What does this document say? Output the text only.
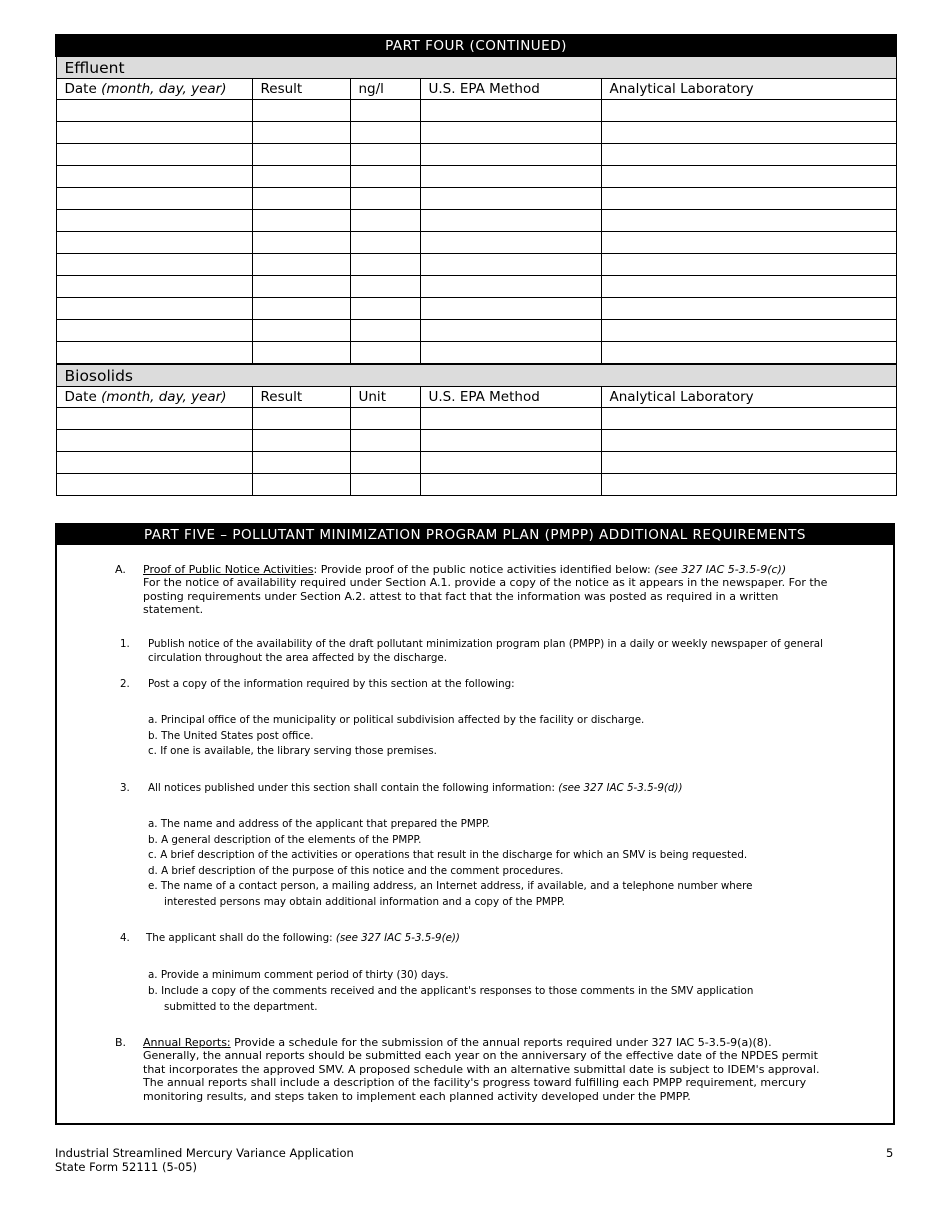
PART FOUR (CONTINUED)				
Effluent				
Date (month, day, year)	Result	ng/l	U.S. EPA Method	Analytical Laboratory

Biosolids				
Date (month, day, year)	Result	Unit	U.S. EPA Method	Analytical Laboratory

PART FIVE – POLLUTANT MINIMIZATION PROGRAM PLAN (PMPP) ADDITIONAL REQUIREMENTS
A. Proof of Public Notice Activities: Provide proof of the public notice activities identified below: (see 327 IAC 5-3.5-9(c))
For the notice of availability required under Section A.1. provide a copy of the notice as it appears in the newspaper. For the
posting requirements under Section A.2. attest to that fact that the information was posted as required in a written
statement.
1. Publish notice of the availability of the draft pollutant minimization program plan (PMPP) in a daily or weekly newspaper of general
circulation throughout the area affected by the discharge.
2. Post a copy of the information required by this section at the following:
a. Principal office of the municipality or political subdivision affected by the facility or discharge.
b. The United States post office.
c. If one is available, the library serving those premises.
3. All notices published under this section shall contain the following information: (see 327 IAC 5-3.5-9(d))
a. The name and address of the applicant that prepared the PMPP.
b. A general description of the elements of the PMPP.
c. A brief description of the activities or operations that result in the discharge for which an SMV is being requested.
d. A brief description of the purpose of this notice and the comment procedures.
e. The name of a contact person, a mailing address, an Internet address, if available, and a telephone number where
interested persons may obtain additional information and a copy of the PMPP.
4. The applicant shall do the following: (see 327 IAC 5-3.5-9(e))
a. Provide a minimum comment period of thirty (30) days.
b. Include a copy of the comments received and the applicant's responses to those comments in the SMV application
submitted to the department.
B. Annual Reports: Provide a schedule for the submission of the annual reports required under 327 IAC 5-3.5-9(a)(8).
Generally, the annual reports should be submitted each year on the anniversary of the effective date of the NPDES permit
that incorporates the approved SMV. A proposed schedule with an alternative submittal date is subject to IDEM's approval.
The annual reports shall include a description of the facility's progress toward fulfilling each PMPP requirement, mercury
monitoring results, and steps taken to implement each planned activity developed under the PMPP.
Industrial Streamlined Mercury Variance Application
State Form 52111 (5-05)
5
